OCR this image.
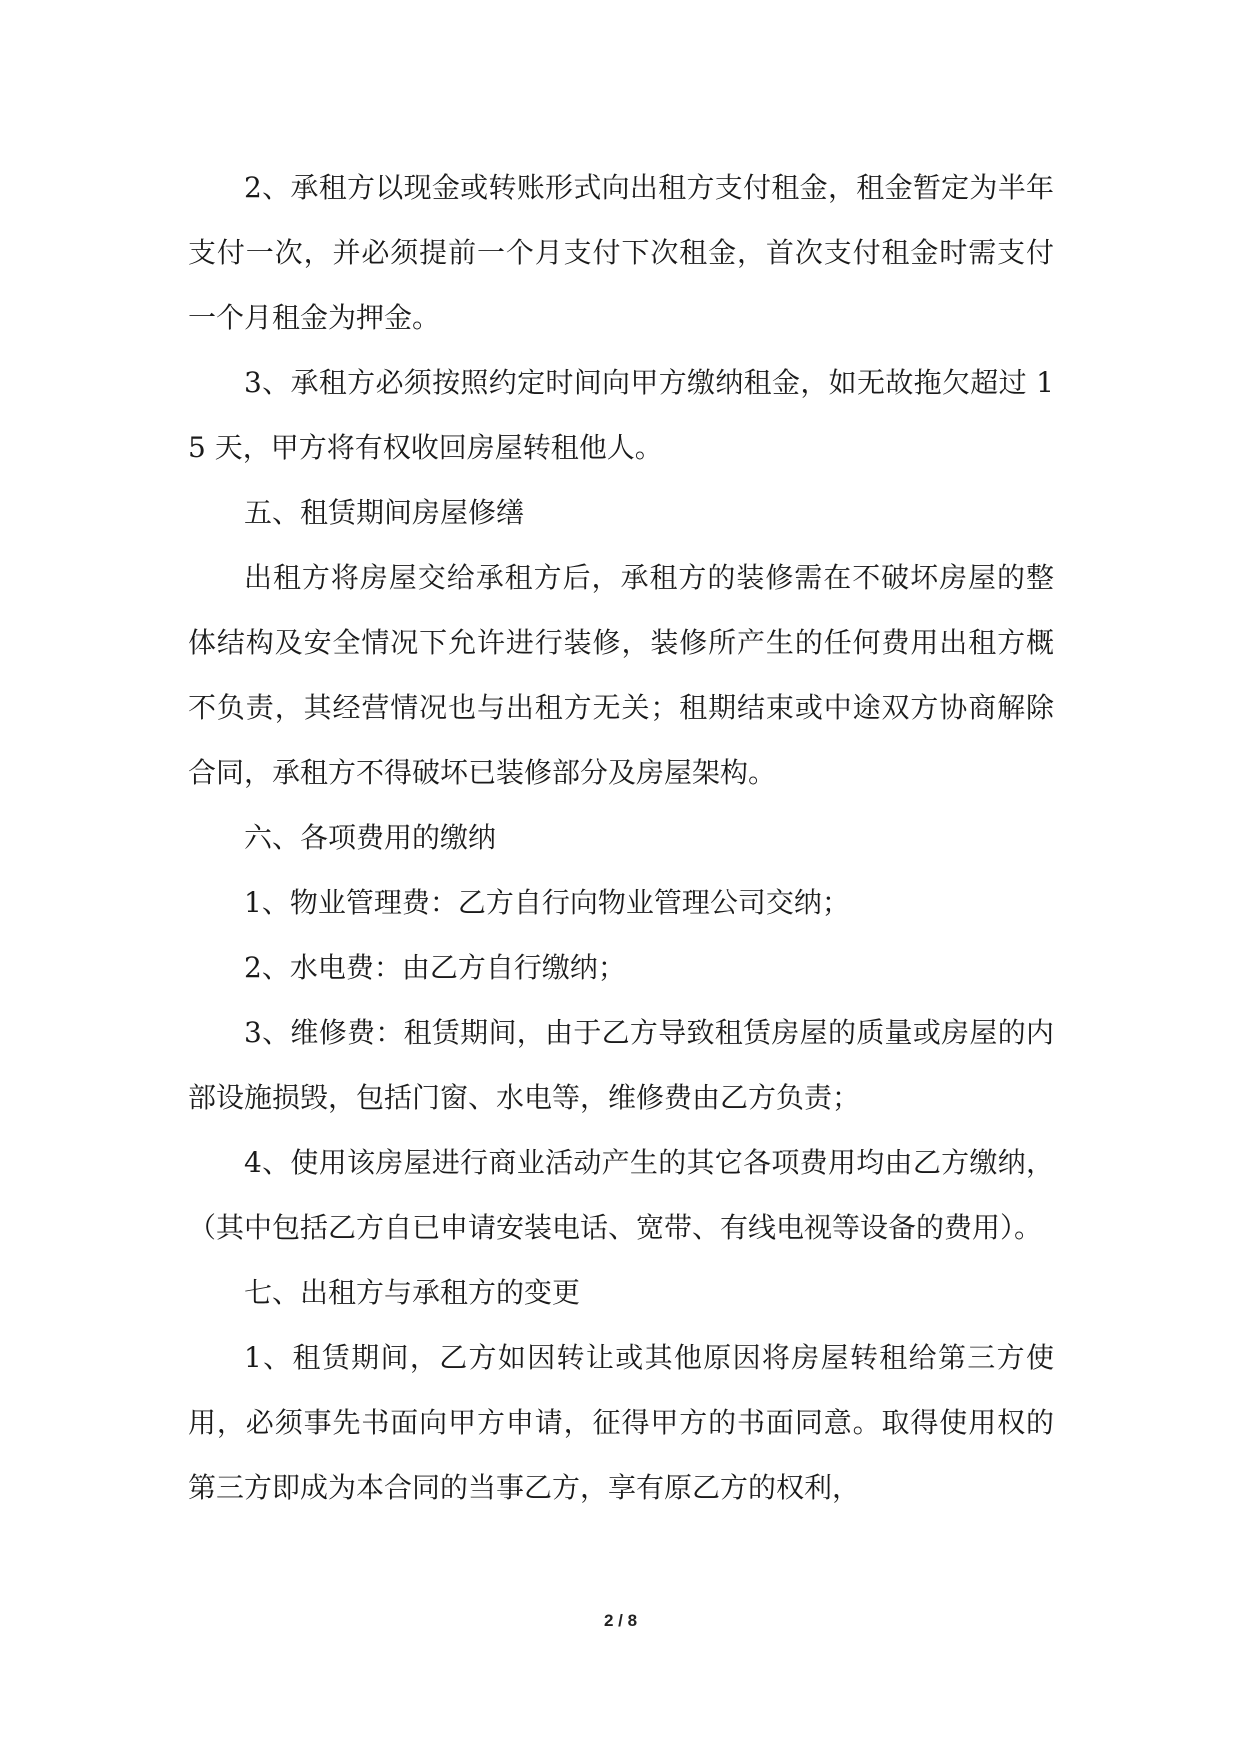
2、承租方以现金或转账形式向出租方支付租金，租金暂定为半年支付一次，并必须提前一个月支付下次租金，首次支付租金时需支付一个月租金为押金。

3、承租方必须按照约定时间向甲方缴纳租金，如无故拖欠超过 15 天，甲方将有权收回房屋转租他人。

五、租赁期间房屋修缮

出租方将房屋交给承租方后，承租方的装修需在不破坏房屋的整体结构及安全情况下允许进行装修，装修所产生的任何费用出租方概不负责，其经营情况也与出租方无关；租期结束或中途双方协商解除合同，承租方不得破坏已装修部分及房屋架构。

六、各项费用的缴纳

1、物业管理费：乙方自行向物业管理公司交纳；

2、水电费：由乙方自行缴纳；

3、维修费：租赁期间，由于乙方导致租赁房屋的质量或房屋的内部设施损毁，包括门窗、水电等，维修费由乙方负责；

4、使用该房屋进行商业活动产生的其它各项费用均由乙方缴纳，（其中包括乙方自已申请安装电话、宽带、有线电视等设备的费用）。

七、出租方与承租方的变更

1、租赁期间，乙方如因转让或其他原因将房屋转租给第三方使用，必须事先书面向甲方申请，征得甲方的书面同意。取得使用权的第三方即成为本合同的当事乙方，享有原乙方的权利，

2 / 8
